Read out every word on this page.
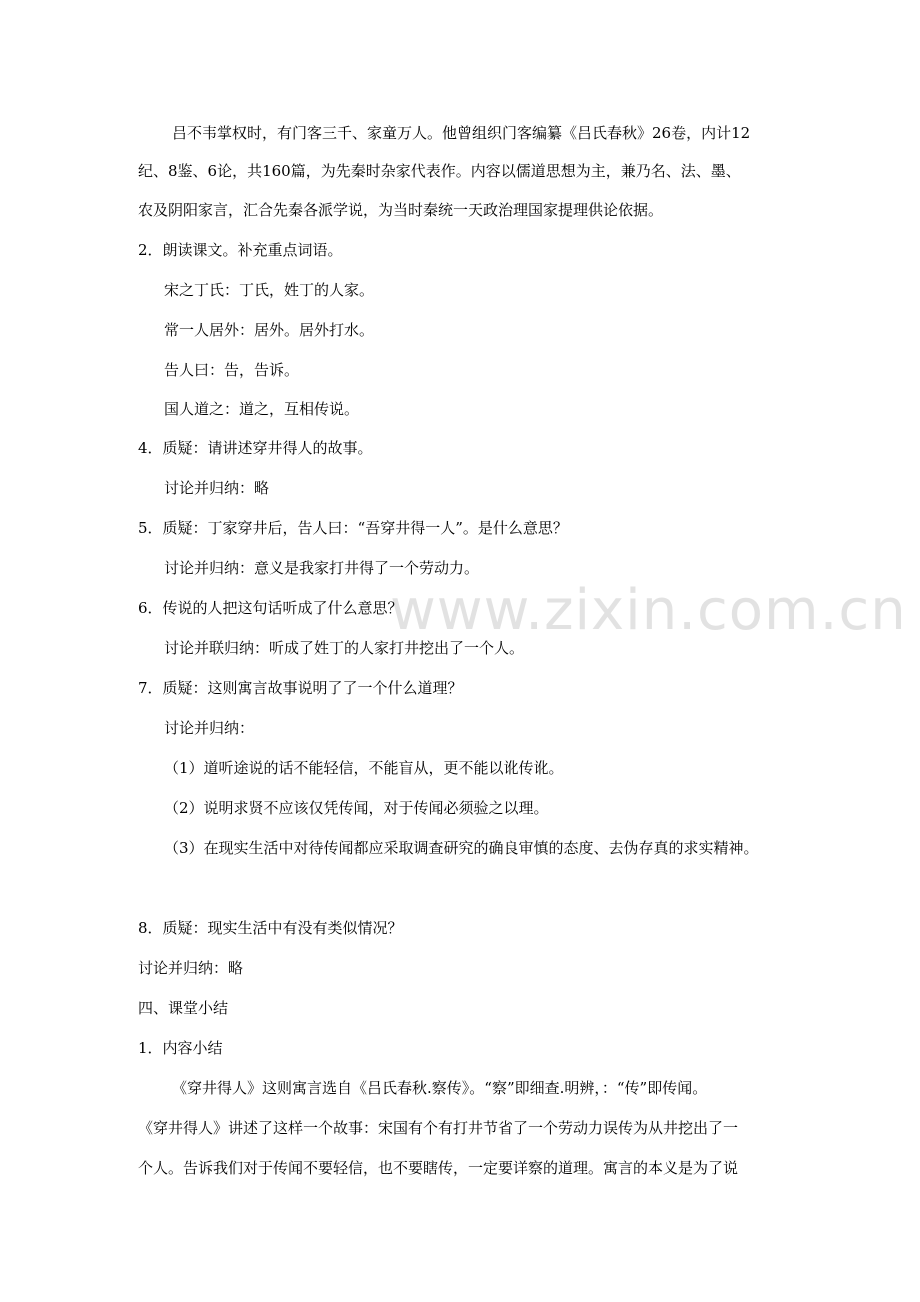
吕不韦掌权时，有门客三千、家童万人。他曾组织门客编纂《吕氏春秋》26卷，内计12

纪、8鉴、6论，共160篇，为先秦时杂家代表作。内容以儒道思想为主，兼乃名、法、墨、

农及阴阳家言，汇合先秦各派学说，为当时秦统一天政治理国家提理供论依据。

2．朗读课文。补充重点词语。

宋之丁氏：丁氏，姓丁的人家。

常一人居外：居外。居外打水。

告人曰：告，告诉。

国人道之：道之，互相传说。

4．质疑：请讲述穿井得人的故事。

讨论并归纳：略

5．质疑：丁家穿井后，告人曰：“吾穿井得一人”。是什么意思？

讨论并归纳：意义是我家打井得了一个劳动力。

6．传说的人把这句话听成了什么意思？

讨论并联归纳：听成了姓丁的人家打井挖出了一个人。

7．质疑：这则寓言故事说明了了一个什么道理？

讨论并归纳：

（1）道听途说的话不能轻信，不能盲从，更不能以讹传讹。

（2）说明求贤不应该仅凭传闻，对于传闻必须验之以理。

（3）在现实生活中对待传闻都应采取调查研究的确良审慎的态度、去伪存真的求实精神。

8．质疑：现实生活中有没有类似情况？

讨论并归纳：略

四、课堂小结

1．内容小结

《穿井得人》这则寓言选自《吕氏春秋.察传》。“察”即细查.明辨，：“传”即传闻。

《穿井得人》讲述了这样一个故事：宋国有个有打井节省了一个劳动力误传为从井挖出了一

个人。告诉我们对于传闻不要轻信，也不要瞎传，一定要详察的道理。寓言的本义是为了说

www.zixin.com.cn
